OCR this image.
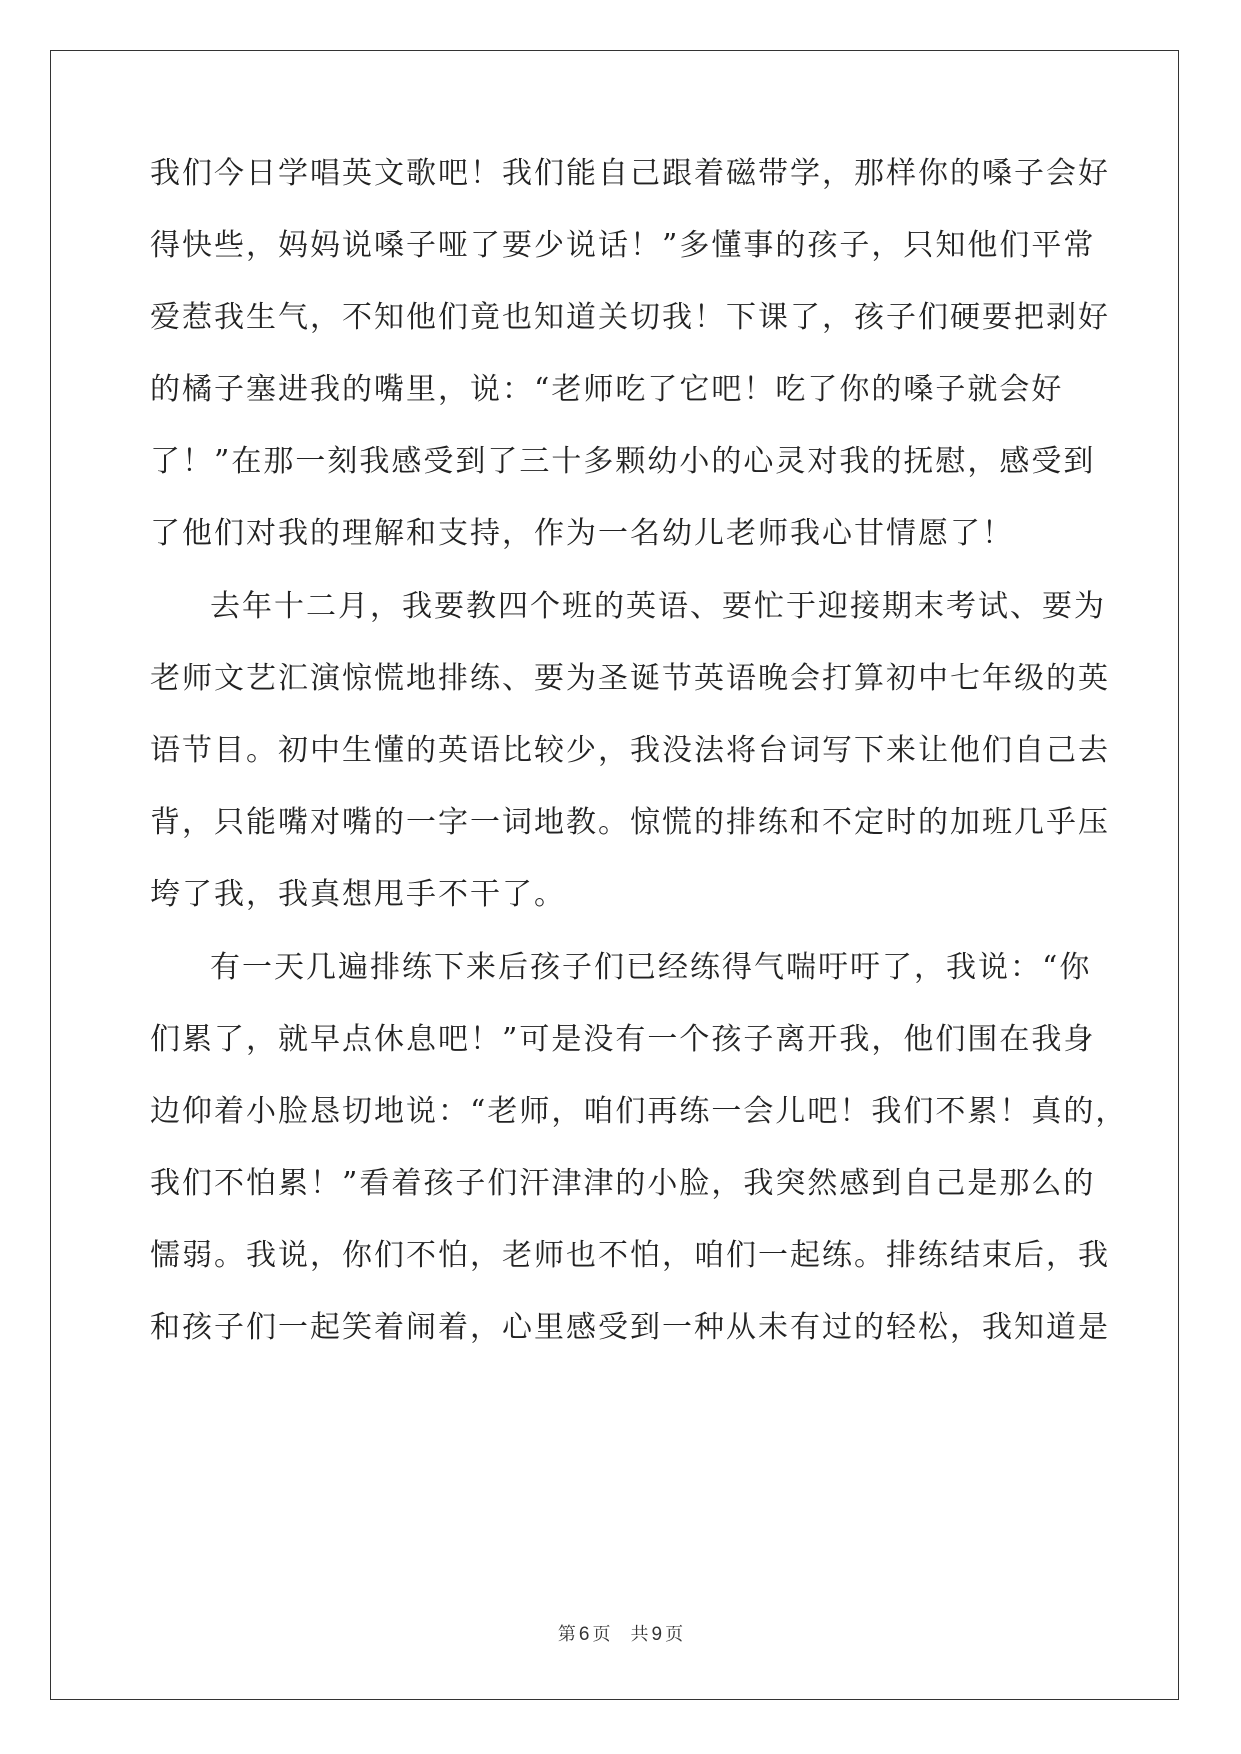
我们今日学唱英文歌吧！我们能自己跟着磁带学，那样你的嗓子会好
得快些，妈妈说嗓子哑了要少说话！”多懂事的孩子，只知他们平常
爱惹我生气，不知他们竟也知道关切我！下课了，孩子们硬要把剥好
的橘子塞进我的嘴里，说：“老师吃了它吧！吃了你的嗓子就会好
了！”在那一刻我感受到了三十多颗幼小的心灵对我的抚慰，感受到
了他们对我的理解和支持，作为一名幼儿老师我心甘情愿了！
去年十二月，我要教四个班的英语、要忙于迎接期末考试、要为
老师文艺汇演惊慌地排练、要为圣诞节英语晚会打算初中七年级的英
语节目。初中生懂的英语比较少，我没法将台词写下来让他们自己去
背，只能嘴对嘴的一字一词地教。惊慌的排练和不定时的加班几乎压
垮了我，我真想甩手不干了。
有一天几遍排练下来后孩子们已经练得气喘吁吁了，我说：“你
们累了，就早点休息吧！”可是没有一个孩子离开我，他们围在我身
边仰着小脸恳切地说：“老师，咱们再练一会儿吧！我们不累！真的，
我们不怕累！”看着孩子们汗津津的小脸，我突然感到自己是那么的
懦弱。我说，你们不怕，老师也不怕，咱们一起练。排练结束后，我
和孩子们一起笑着闹着，心里感受到一种从未有过的轻松，我知道是
第 6 页 共 9 页
